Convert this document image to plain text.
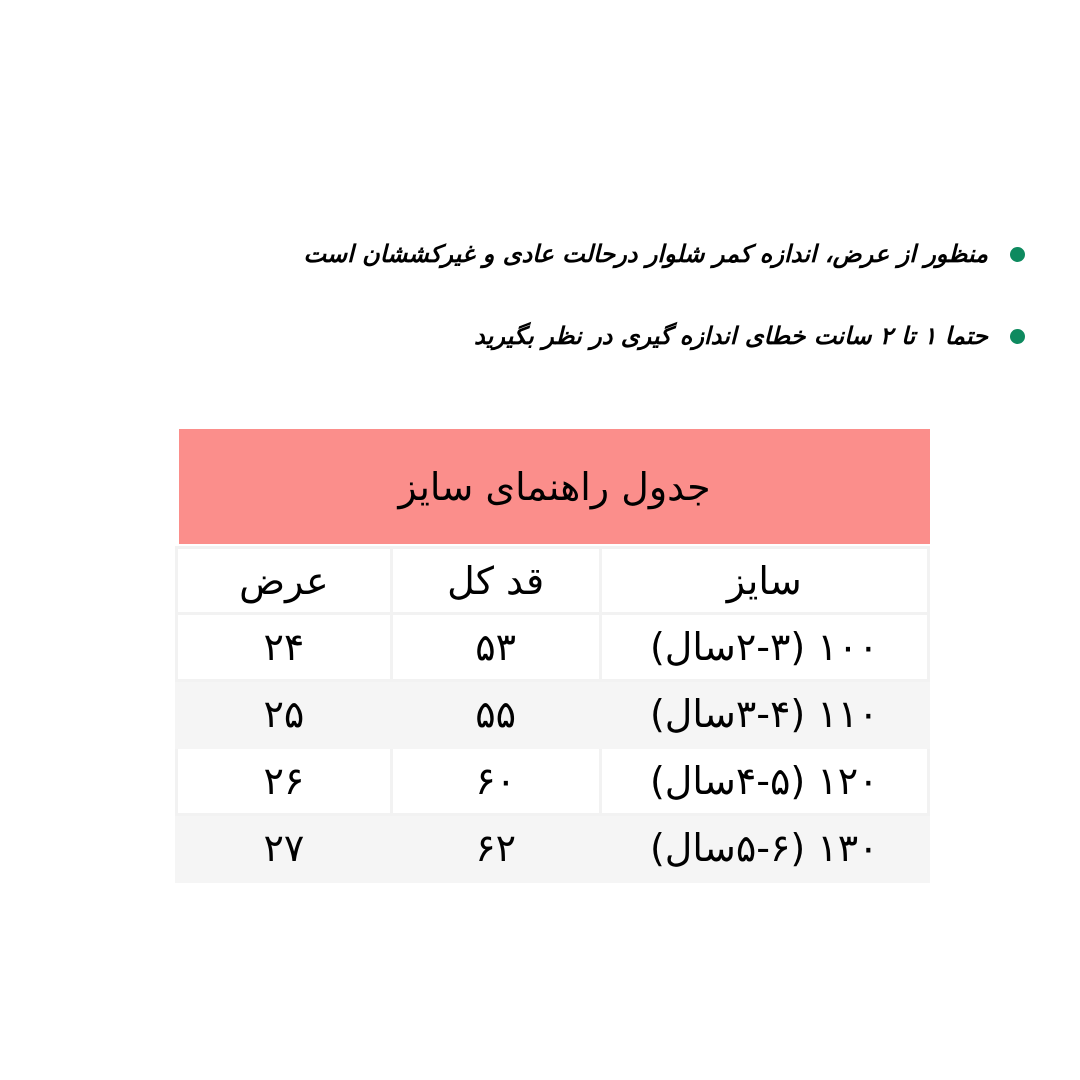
منظور از عرض، اندازه کمر شلوار درحالت عادی و غیرکششان است
حتما ۱ تا ۲ سانت خطای اندازه گیری در نظر بگیرید
جدول راهنمای سایز
سایز	قد کل	عرض
۱۰۰ (۲-۳سال)	۵۳	۲۴
۱۱۰ (۳-۴سال)	۵۵	۲۵
۱۲۰ (۴-۵سال)	۶۰	۲۶
۱۳۰ (۵-۶سال)	۶۲	۲۷
